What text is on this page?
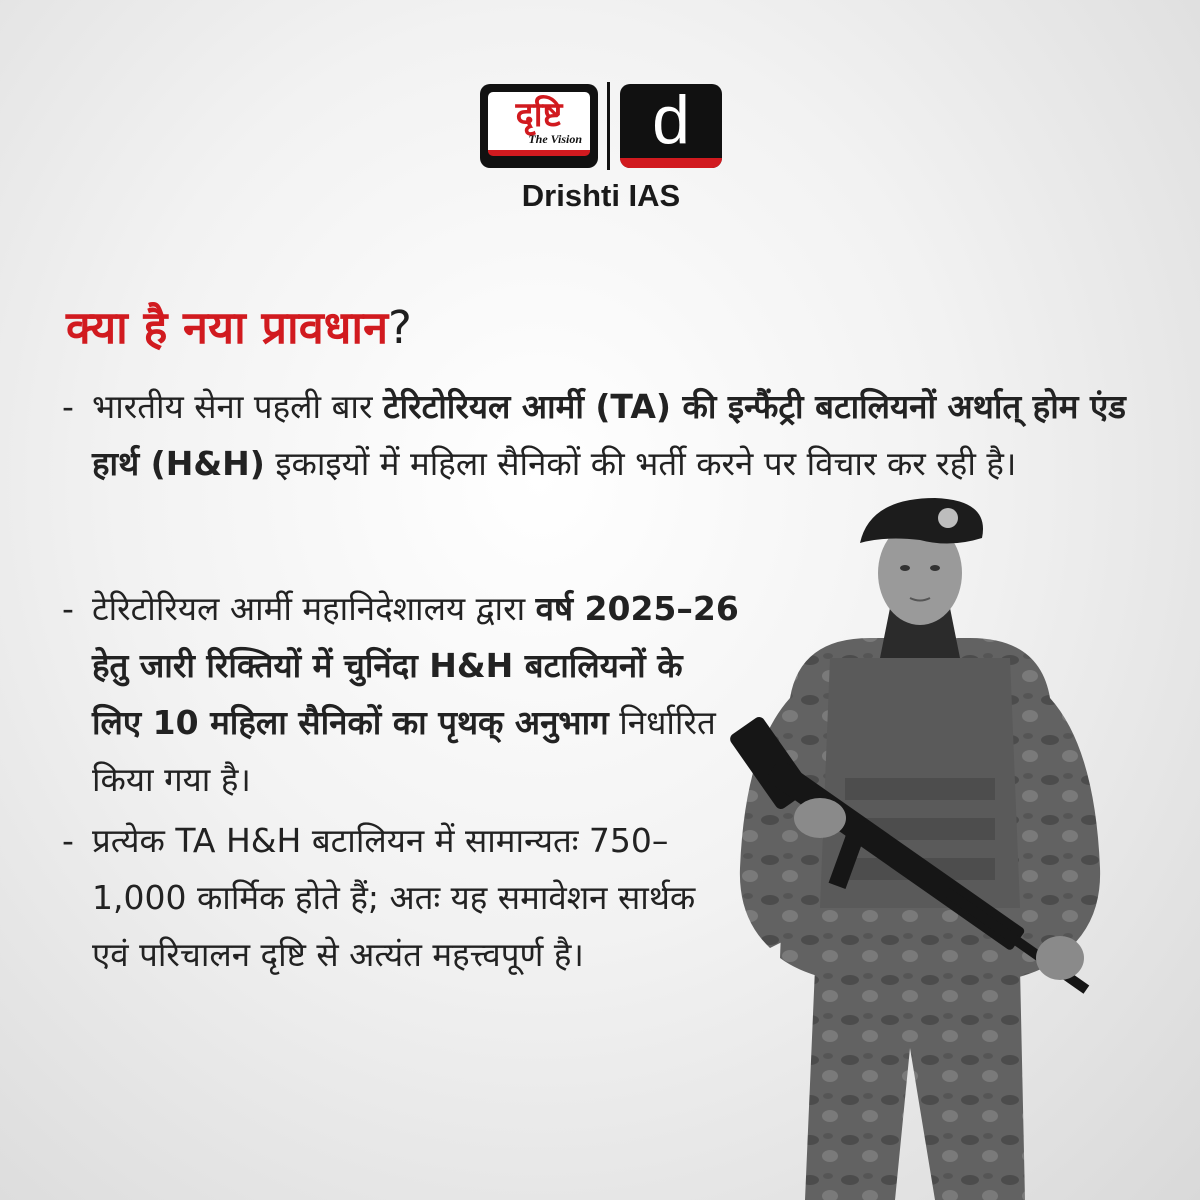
दृष्टि
The Vision	d
Drishti IAS
क्या है नया प्रावधान?
- भारतीय सेना पहली बार टेरिटोरियल आर्मी (TA) की इन्फैंट्री बटालियनों अर्थात् होम एंड हार्थ (H&H) इकाइयों में महिला सैनिकों की भर्ती करने पर विचार कर रही है।
- टेरिटोरियल आर्मी महानिदेशालय द्वारा वर्ष 2025–26 हेतु जारी रिक्तियों में चुनिंदा H&H बटालियनों के लिए 10 महिला सैनिकों का पृथक् अनुभाग निर्धारित किया गया है।
- प्रत्येक TA H&H बटालियन में सामान्यतः 750–1,000 कार्मिक होते हैं; अतः यह समावेशन सार्थक एवं परिचालन दृष्टि से अत्यंत महत्त्वपूर्ण है।
